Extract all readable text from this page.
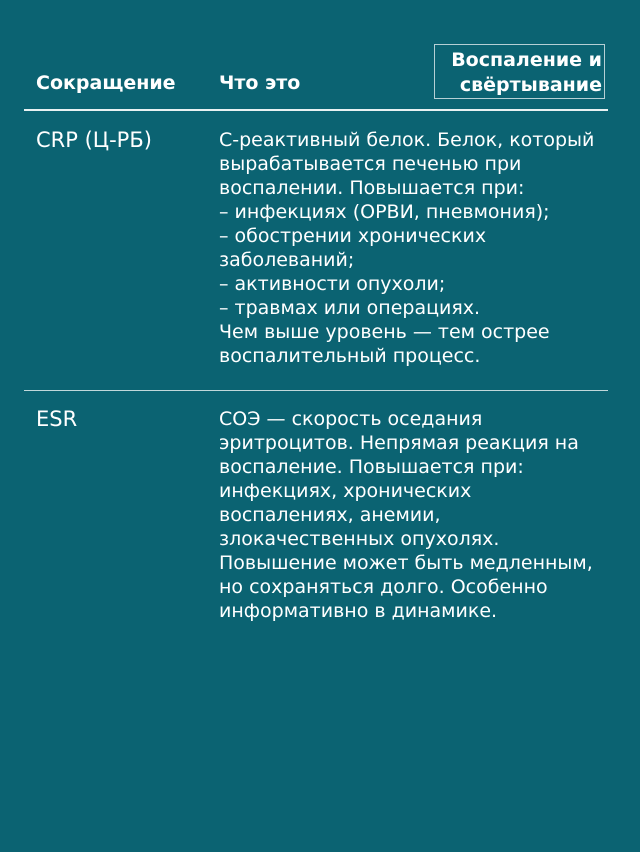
Сокращение Что это
Воспаление и
свёртывание
CRP (Ц-РБ)	С-реактивный белок. Белок, который
вырабатывается печенью при
воспалении. Повышается при:
– инфекциях (ОРВИ, пневмония);
– обострении хронических
заболеваний;
– активности опухоли;
– травмах или операциях.
Чем выше уровень — тем острее
воспалительный процесс.
ESR	СОЭ — скорость оседания
эритроцитов. Непрямая реакция на
воспаление. Повышается при:
инфекциях, хронических
воспалениях, анемии,
злокачественных опухолях.
Повышение может быть медленным,
но сохраняться долго. Особенно
информативно в динамике.
